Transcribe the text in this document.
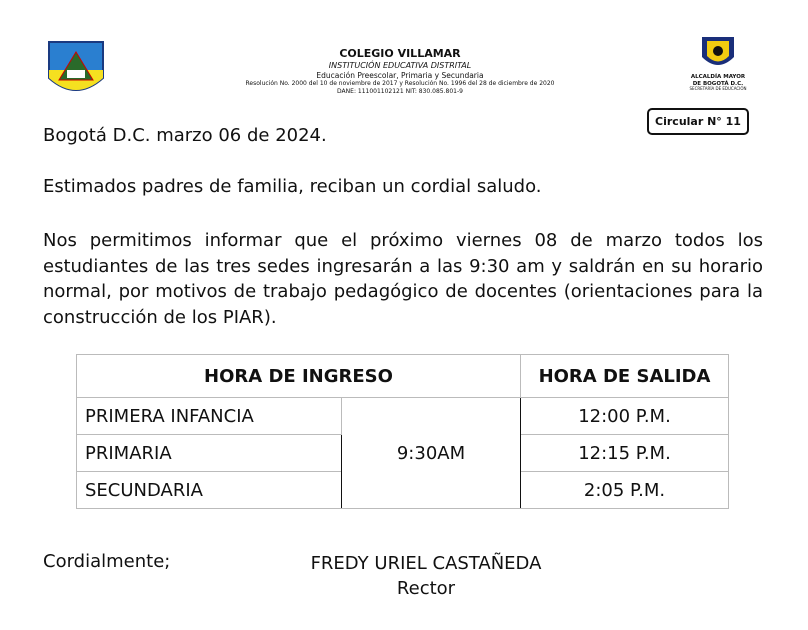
ALCALDÍA MAYOR
DE BOGOTÁ D.C.
SECRETARÍA DE EDUCACIÓN
COLEGIO VILLAMAR
INSTITUCIÓN EDUCATIVA DISTRITAL
Educación Preescolar, Primaria y Secundaria
Resolución No. 2000 del 10 de noviembre de 2017 y Resolución No. 1996 del 28 de diciembre de 2020
DANE: 111001102121 NIT: 830.085.801-9
Circular N° 11
Bogotá D.C. marzo 06 de 2024.
Estimados padres de familia, reciban un cordial saludo.
Nos permitimos informar que el próximo viernes 08 de marzo todos los estudiantes de las tres sedes ingresarán a las 9:30 am y saldrán en su horario normal, por motivos de trabajo pedagógico de docentes (orientaciones para la construcción de los PIAR).
HORA DE INGRESO		HORA DE SALIDA
PRIMERA INFANCIA	9:30AM	12:00 P.M.
PRIMARIA		12:15 P.M.
SECUNDARIA		2:05 P.M.
Cordialmente;	FREDY URIEL CASTAÑEDA
Rector
